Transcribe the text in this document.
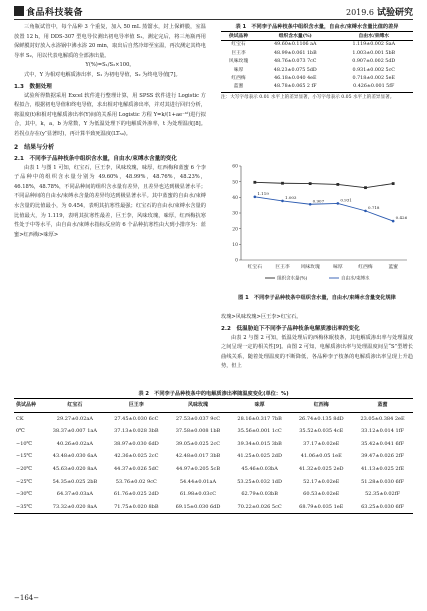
食品科技装备	2019.6 试验研究

三角瓶试管中，每个品种 3 个重复，加入 50 mL 蒸馏水，封上保鲜膜，室温放置 12 h，用 DDS-307 型电导仪测出初电导率值 S₁，测定完后，将三角瓶再用保鲜膜封好放入水浴锅中沸水浴 20 min，取出后自然冷却至室温，再次测定其终电导率 S₂，用以代表电解质的全部渗出量。

Y(%)=S₁/S₂×100。

式中，Y 为相对电解质渗出率，S₁ 为初电导值，S₂ 为终电导值[7]。

1.3　数据处理

试验所得数据采用 Excel 软件进行整理计算，用 SPSS 软件进行 Logistic 方程拟合，根据初电导值和终电导值，求出相对电解质渗出率，并对其进行回归分析，将温度(t)和相对电解质渗出率(Y)间的关系用 Logistic 方程 Y=k/(1+ae⁻ᵇᵗ)进行拟合，其中，k，a，b 为常数，Y 为低温处理下的电解质外渗率，t 为处理温度[8]。若拐点存在(y″显著时)，再计算半致死温度(LT₅₀)。

2　结果与分析

2.1　不同李子品种枝条中组织含水量，自由水/束缚水含量的变化

由表 1 与图 1 可知，红宝石，巨王李，风味玫瑰，味厚，红西梅和蓝蜜 6 个李子品种中的组织含水量分别为 49.60%，48.99%，48.76%，48.23%，46.18%，48.78%，不同品种间的组织含水量有差异，且差异也达到极显著水平；不同品种间的自由水/束缚水含量的差异均达到极显著水平。其中蓝蜜的自由水/束缚水含量的比值最小，为 0.454，表明其抗寒性最强；红宝石的自由水/束缚水含量的比值最大，为 1.119，表明其抗寒性最差，巨王李，风味玫瑰，味厚，红西梅抗寒性处于中等水平，由自由水/束缚水指标反应的 6 个品种抗寒性由大到小排序为：蓝蜜>红西梅>味厚>

表 1　不同李子品种枝条中组织含水量，自由水/束缚水含量比值的差异

供试品种	组织含水量(%)	自由水/束缚水
红宝石	49.60±0.1106 aA	1.119±0.002 SaA
巨王李	48.99±0.061 1bB	1.003±0.001 5bB
风味玫瑰	48.76±0.073 7cC	0.907±0.002 5dD
味厚	48.23±0.075 5dD	0.931±0.002 5cC
红西梅	46.18±0.040 4eE	0.718±0.002 5eE
蓝蜜	48.78±0.065 2 fF	0.426±0.001 5fF

注：大写字母表示 0.01 水平上的差异显著，小写字母表示 0.05 水平上的差异显著。

0
10
20
30
40
50
60
红宝石	巨王李 风味玫瑰	味厚	红西梅	蓝蜜
1.119
1.003
0.907	0.931
0.718
0.426
组织含水量(%)	自由水/束缚水

图 1　不同李子品种枝条中组织含水量，自由水/束缚水含量变化规律

玫瑰>风味玫瑰>巨王李>红宝石。

2.2　低温胁迫下不同李子品种枝条电解质渗出率的变化

由表 2 与图 2 可知，低温处理后的西梅休眠枝条，其电解质渗出率与处理温度之间呈现一定的相关性[9]。由图 2 可知，电解质渗出率与处理温度间呈“S”型增长曲线关系，随着处理温度的不断降低，各品种李子枝条的电解质渗出率呈现上升趋势，但上

表 2　不同李子品种枝条中的电解质渗出率随温度变化(单位：%)

供试品种	红宝石	巨王李	风味玫瑰	味厚	红西梅	蓝蜜
CK	29.27±0.02aA	27.45±0.030 6cC	27.53±0.037 9cC	28.16±0.317 7bB	26.74±0.135 8dD	23.05±0.384 2eE
0℃	38.37±0.007 1aA	37.13±0.028 3bB	37.58±0.008 1bB	35.56±0.001 1cC	35.52±0.035 4cE	33.12±0.014 1fF
−10℃	40.26±0.02aA	38.97±0.030 6dD	39.05±0.025 2cC	39.34±0.015 3bB	37.17±0.02eE	35.42±0.041 6fF
−15℃	43.48±0.030 6aA	42.36±0.025 2cC	42.48±0.017 3bB	41.25±0.025 2dD	41.06±0.05 1eE	39.47±0.026 2fF
−20℃	45.63±0.020 8aA	44.37±0.026 5dC	44.97±0.205 5cB	45.46±0.03bA	41.32±0.025 2eD	41.13±0.025 2fE
−25℃	54.35±0.025 2bB	53.76±0.02 9cC	54.44±0.01aA	53.25±0.032 1dD	52.17±0.02eE	51.28±0.030 6fF
−30℃	64.37±0.03aA	61.76±0.025 2dD	61.98±0.03cC	62.79±0.03bB	60.53±0.02eE	52.35±0.02fF
−35℃	73.32±0.020 8aA	71.75±0.020 8bB	69.15±0.030 6dD	70.22±0.026 5cC	68.79±0.035 1eE	63.25±0.030 6fF
−164−
